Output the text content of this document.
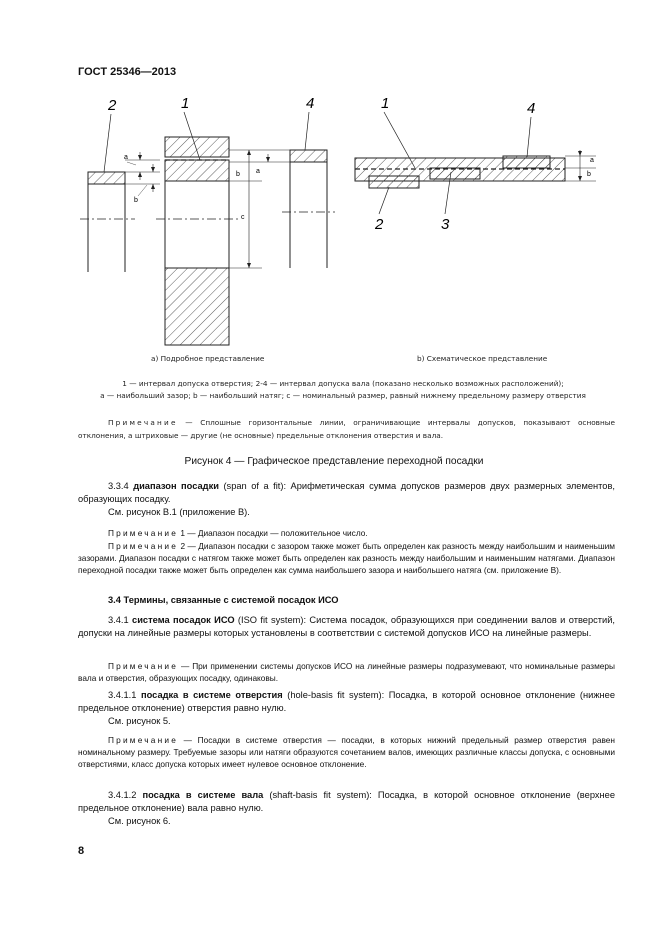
ГОСТ 25346—2013
2	1	4
a
b
b a
c
1	4
2	3
a
b
а) Подробное представление	b) Схематическое представление
1 — интервал допуска отверстия; 2-4 — интервал допуска вала (показано несколько возможных расположений);
а — наибольший зазор; b — наибольший натяг; с — номинальный размер, равный нижнему предельному размеру отверстия
Примечание — Сплошные горизонтальные линии, ограничивающие интервалы допусков, показывают основные отклонения, а штриховые — другие (не основные) предельные отклонения отверстия и вала.
Рисунок 4 — Графическое представление переходной посадки
3.3.4 диапазон посадки (span of a fit): Арифметическая сумма допусков размеров двух размерных элементов, образующих посадку.
См. рисунок В.1 (приложение В).
Примечание 1 — Диапазон посадки — положительное число.
Примечание 2 — Диапазон посадки с зазором также может быть определен как разность между наибольшим и наименьшим зазорами. Диапазон посадки с натягом также может быть определен как разность между наибольшим и наименьшим натягами. Диапазон переходной посадки также может быть определен как сумма наибольшего зазора и наибольшего натяга (см. приложение В).
3.4 Термины, связанные с системой посадок ИСО
3.4.1 система посадок ИСО (ISO fit system): Система посадок, образующихся при соединении валов и отверстий, допуски на линейные размеры которых установлены в соответствии с системой допусков ИСО на линейные размеры.
Примечание — При применении системы допусков ИСО на линейные размеры подразумевают, что номинальные размеры вала и отверстия, образующих посадку, одинаковы.
3.4.1.1 посадка в системе отверстия (hole-basis fit system): Посадка, в которой основное отклонение (нижнее предельное отклонение) отверстия равно нулю.
См. рисунок 5.
Примечание — Посадки в системе отверстия — посадки, в которых нижний предельный размер отверстия равен номинальному размеру. Требуемые зазоры или натяги образуются сочетанием валов, имеющих различные классы допуска, с основными отверстиями, класс допуска которых имеет нулевое основное отклонение.
3.4.1.2 посадка в системе вала (shaft-basis fit system): Посадка, в которой основное отклонение (верхнее предельное отклонение) вала равно нулю.
См. рисунок 6.
8
